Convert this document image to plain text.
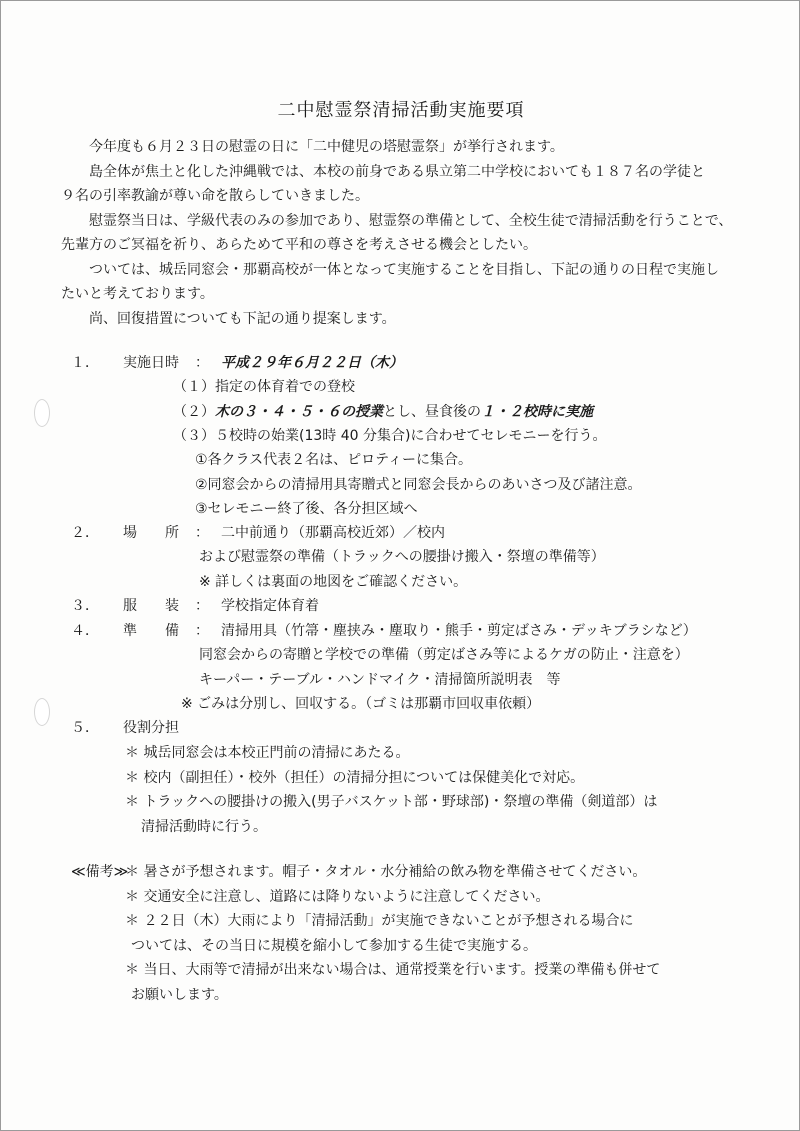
二中慰霊祭清掃活動実施要項

今年度も６月２３日の慰霊の日に「二中健児の塔慰霊祭」が挙行されます。

島全体が焦土と化した沖縄戦では、本校の前身である県立第二中学校においても１８７名の学徒と

９名の引率教諭が尊い命を散らしていきました。

慰霊祭当日は、学級代表のみの参加であり、慰霊祭の準備として、全校生徒で清掃活動を行うことで、

先輩方のご冥福を祈り、あらためて平和の尊さを考えさせる機会としたい。

ついては、城岳同窓会・那覇高校が一体となって実施することを目指し、下記の通りの日程で実施し

たいと考えております。

尚、回復措置についても下記の通り提案します。

１． 実施日時 ： 平成２９年６月２２日（木）
（１）指定の体育着での登校
（２）木の３・４・５・６の授業とし、昼食後の１・２校時に実施
（３）５校時の始業(13時 40 分集合)に合わせてセレモニーを行う。
①各クラス代表２名は、ピロティーに集合。
②同窓会からの清掃用具寄贈式と同窓会長からのあいさつ及び諸注意。
③セレモニー終了後、各分担区域へ
２． 場　　所 ： 二中前通り（那覇高校近郊）／校内
および慰霊祭の準備（トラックへの腰掛け搬入・祭壇の準備等）
※ 詳しくは裏面の地図をご確認ください。
３． 服　　装 ： 学校指定体育着
４． 準　　備 ： 清掃用具（竹箒・塵挟み・塵取り・熊手・剪定ばさみ・デッキブラシなど）
同窓会からの寄贈と学校での準備（剪定ばさみ等によるケガの防止・注意を）
キーパー・テーブル・ハンドマイク・清掃箇所説明表　等
※ ごみは分別し、回収する。（ゴミは那覇市回収車依頼）
５． 役割分担
＊ 城岳同窓会は本校正門前の清掃にあたる。
＊ 校内（副担任）・校外（担任）の清掃分担については保健美化で対応。
＊ トラックへの腰掛けの搬入(男子バスケット部・野球部)・祭壇の準備（剣道部）は
清掃活動時に行う。
≪備考≫
＊ 暑さが予想されます。帽子・タオル・水分補給の飲み物を準備させてください。
＊ 交通安全に注意し、道路には降りないように注意してください。
＊ ２２日（木）大雨により「清掃活動」が実施できないことが予想される場合に
ついては、その当日に規模を縮小して参加する生徒で実施する。
＊ 当日、大雨等で清掃が出来ない場合は、通常授業を行います。授業の準備も併せて
お願いします。
